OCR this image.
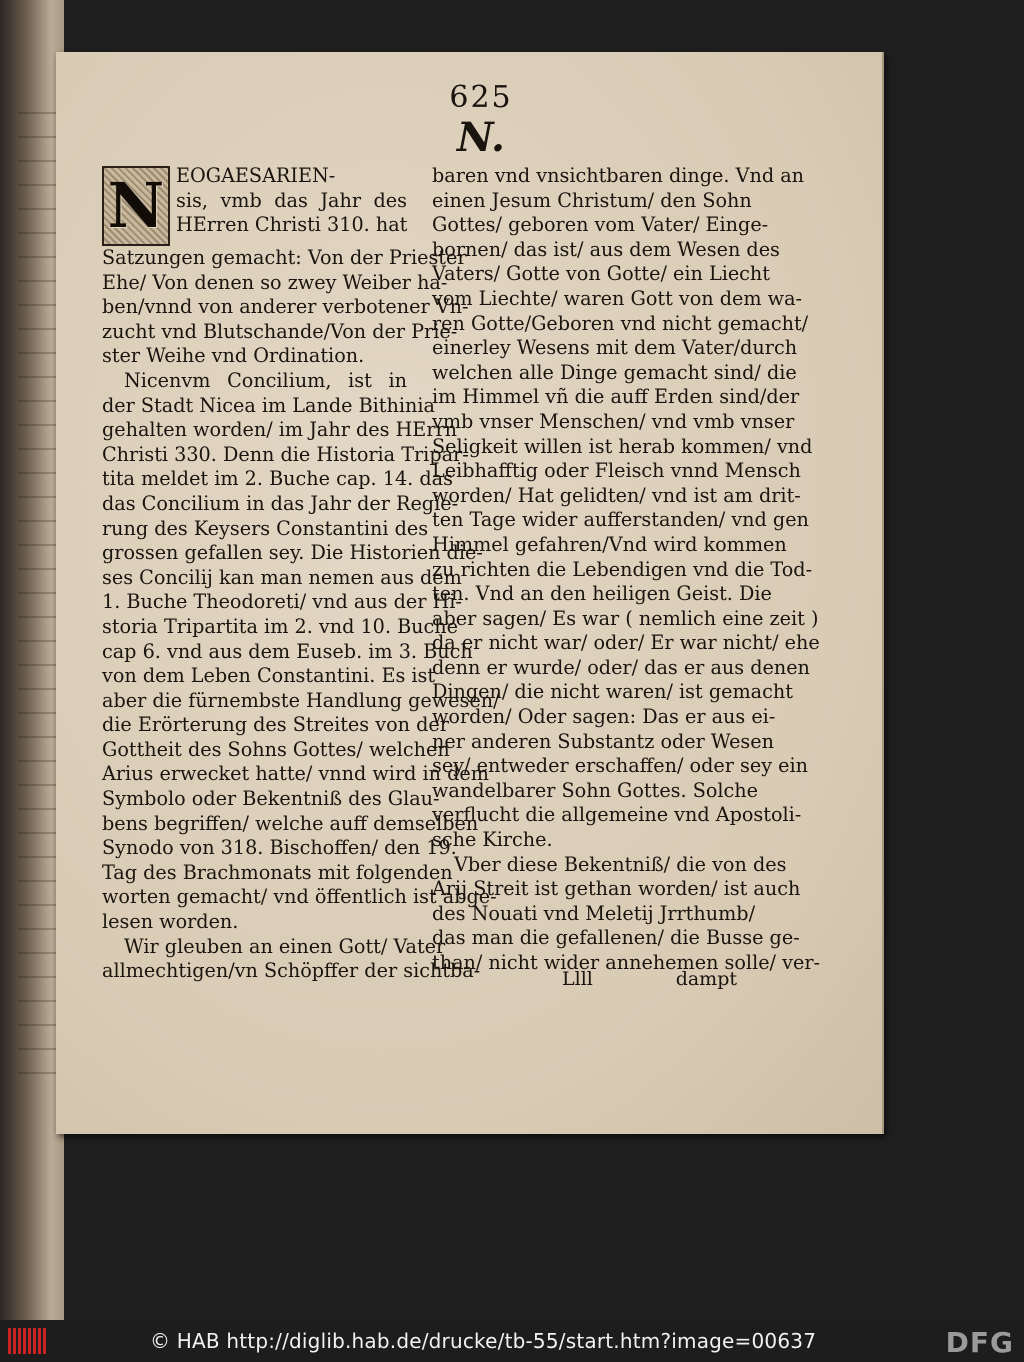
625
N.
N EOGAESARIEN-
sis, vmb das Jahr des
HErren Christi 310. hat
Satzungen gemacht: Von der Priester
Ehe/ Von denen so zwey Weiber ha-
ben/vnnd von anderer verbotener Vn-
zucht vnd Blutschande/Von der Prie-
ster Weihe vnd Ordination.
Nicenvm Concilium, ist in
der Stadt Nicea im Lande Bithinia
gehalten worden/ im Jahr des HErrn
Christi 330. Denn die Historia Tripar-
tita meldet im 2. Buche cap. 14. das
das Concilium in das Jahr der Regie-
rung des Keysers Constantini des
grossen gefallen sey. Die Historien die-
ses Concilij kan man nemen aus dem
1. Buche Theodoreti/ vnd aus der Hi-
storia Tripartita im 2. vnd 10. Buche
cap 6. vnd aus dem Euseb. im 3. Buch
von dem Leben Constantini. Es ist
aber die fürnembste Handlung gewesen/
die Erörterung des Streites von der
Gottheit des Sohns Gottes/ welchen
Arius erwecket hatte/ vnnd wird in dem
Symbolo oder Bekentniß des Glau-
bens begriffen/ welche auff demselben
Synodo von 318. Bischoffen/ den 19.
Tag des Brachmonats mit folgenden
worten gemacht/ vnd öffentlich ist abge-
lesen worden.
Wir gleuben an einen Gott/ Vater
allmechtigen/vn Schöpffer der sichtba-
baren vnd vnsichtbaren dinge. Vnd an
einen Jesum Christum/ den Sohn
Gottes/ geboren vom Vater/ Einge-
bornen/ das ist/ aus dem Wesen des
Vaters/ Gotte von Gotte/ ein Liecht
vom Liechte/ waren Gott von dem wa-
ren Gotte/Geboren vnd nicht gemacht/
einerley Wesens mit dem Vater/durch
welchen alle Dinge gemacht sind/ die
im Himmel vñ die auff Erden sind/der
vmb vnser Menschen/ vnd vmb vnser
Seligkeit willen ist herab kommen/ vnd
Leibhafftig oder Fleisch vnnd Mensch
worden/ Hat gelidten/ vnd ist am drit-
ten Tage wider aufferstanden/ vnd gen
Himmel gefahren/Vnd wird kommen
zu richten die Lebendigen vnd die Tod-
ten. Vnd an den heiligen Geist. Die
aber sagen/ Es war ( nemlich eine zeit )
da er nicht war/ oder/ Er war nicht/ ehe
denn er wurde/ oder/ das er aus denen
Dingen/ die nicht waren/ ist gemacht
worden/ Oder sagen: Das er aus ei-
ner anderen Substantz oder Wesen
sey/ entweder erschaffen/ oder sey ein
wandelbarer Sohn Gottes. Solche
verflucht die allgemeine vnd Apostoli-
sche Kirche.
Vber diese Bekentniß/ die von des
Arij Streit ist gethan worden/ ist auch
des Nouati vnd Meletij Jrrthumb/
das man die gefallenen/ die Busse ge-
than/ nicht wider annehemen solle/ ver-
Llll	dampt
© HAB http://diglib.hab.de/drucke/tb-55/start.htm?image=00637	DFG
